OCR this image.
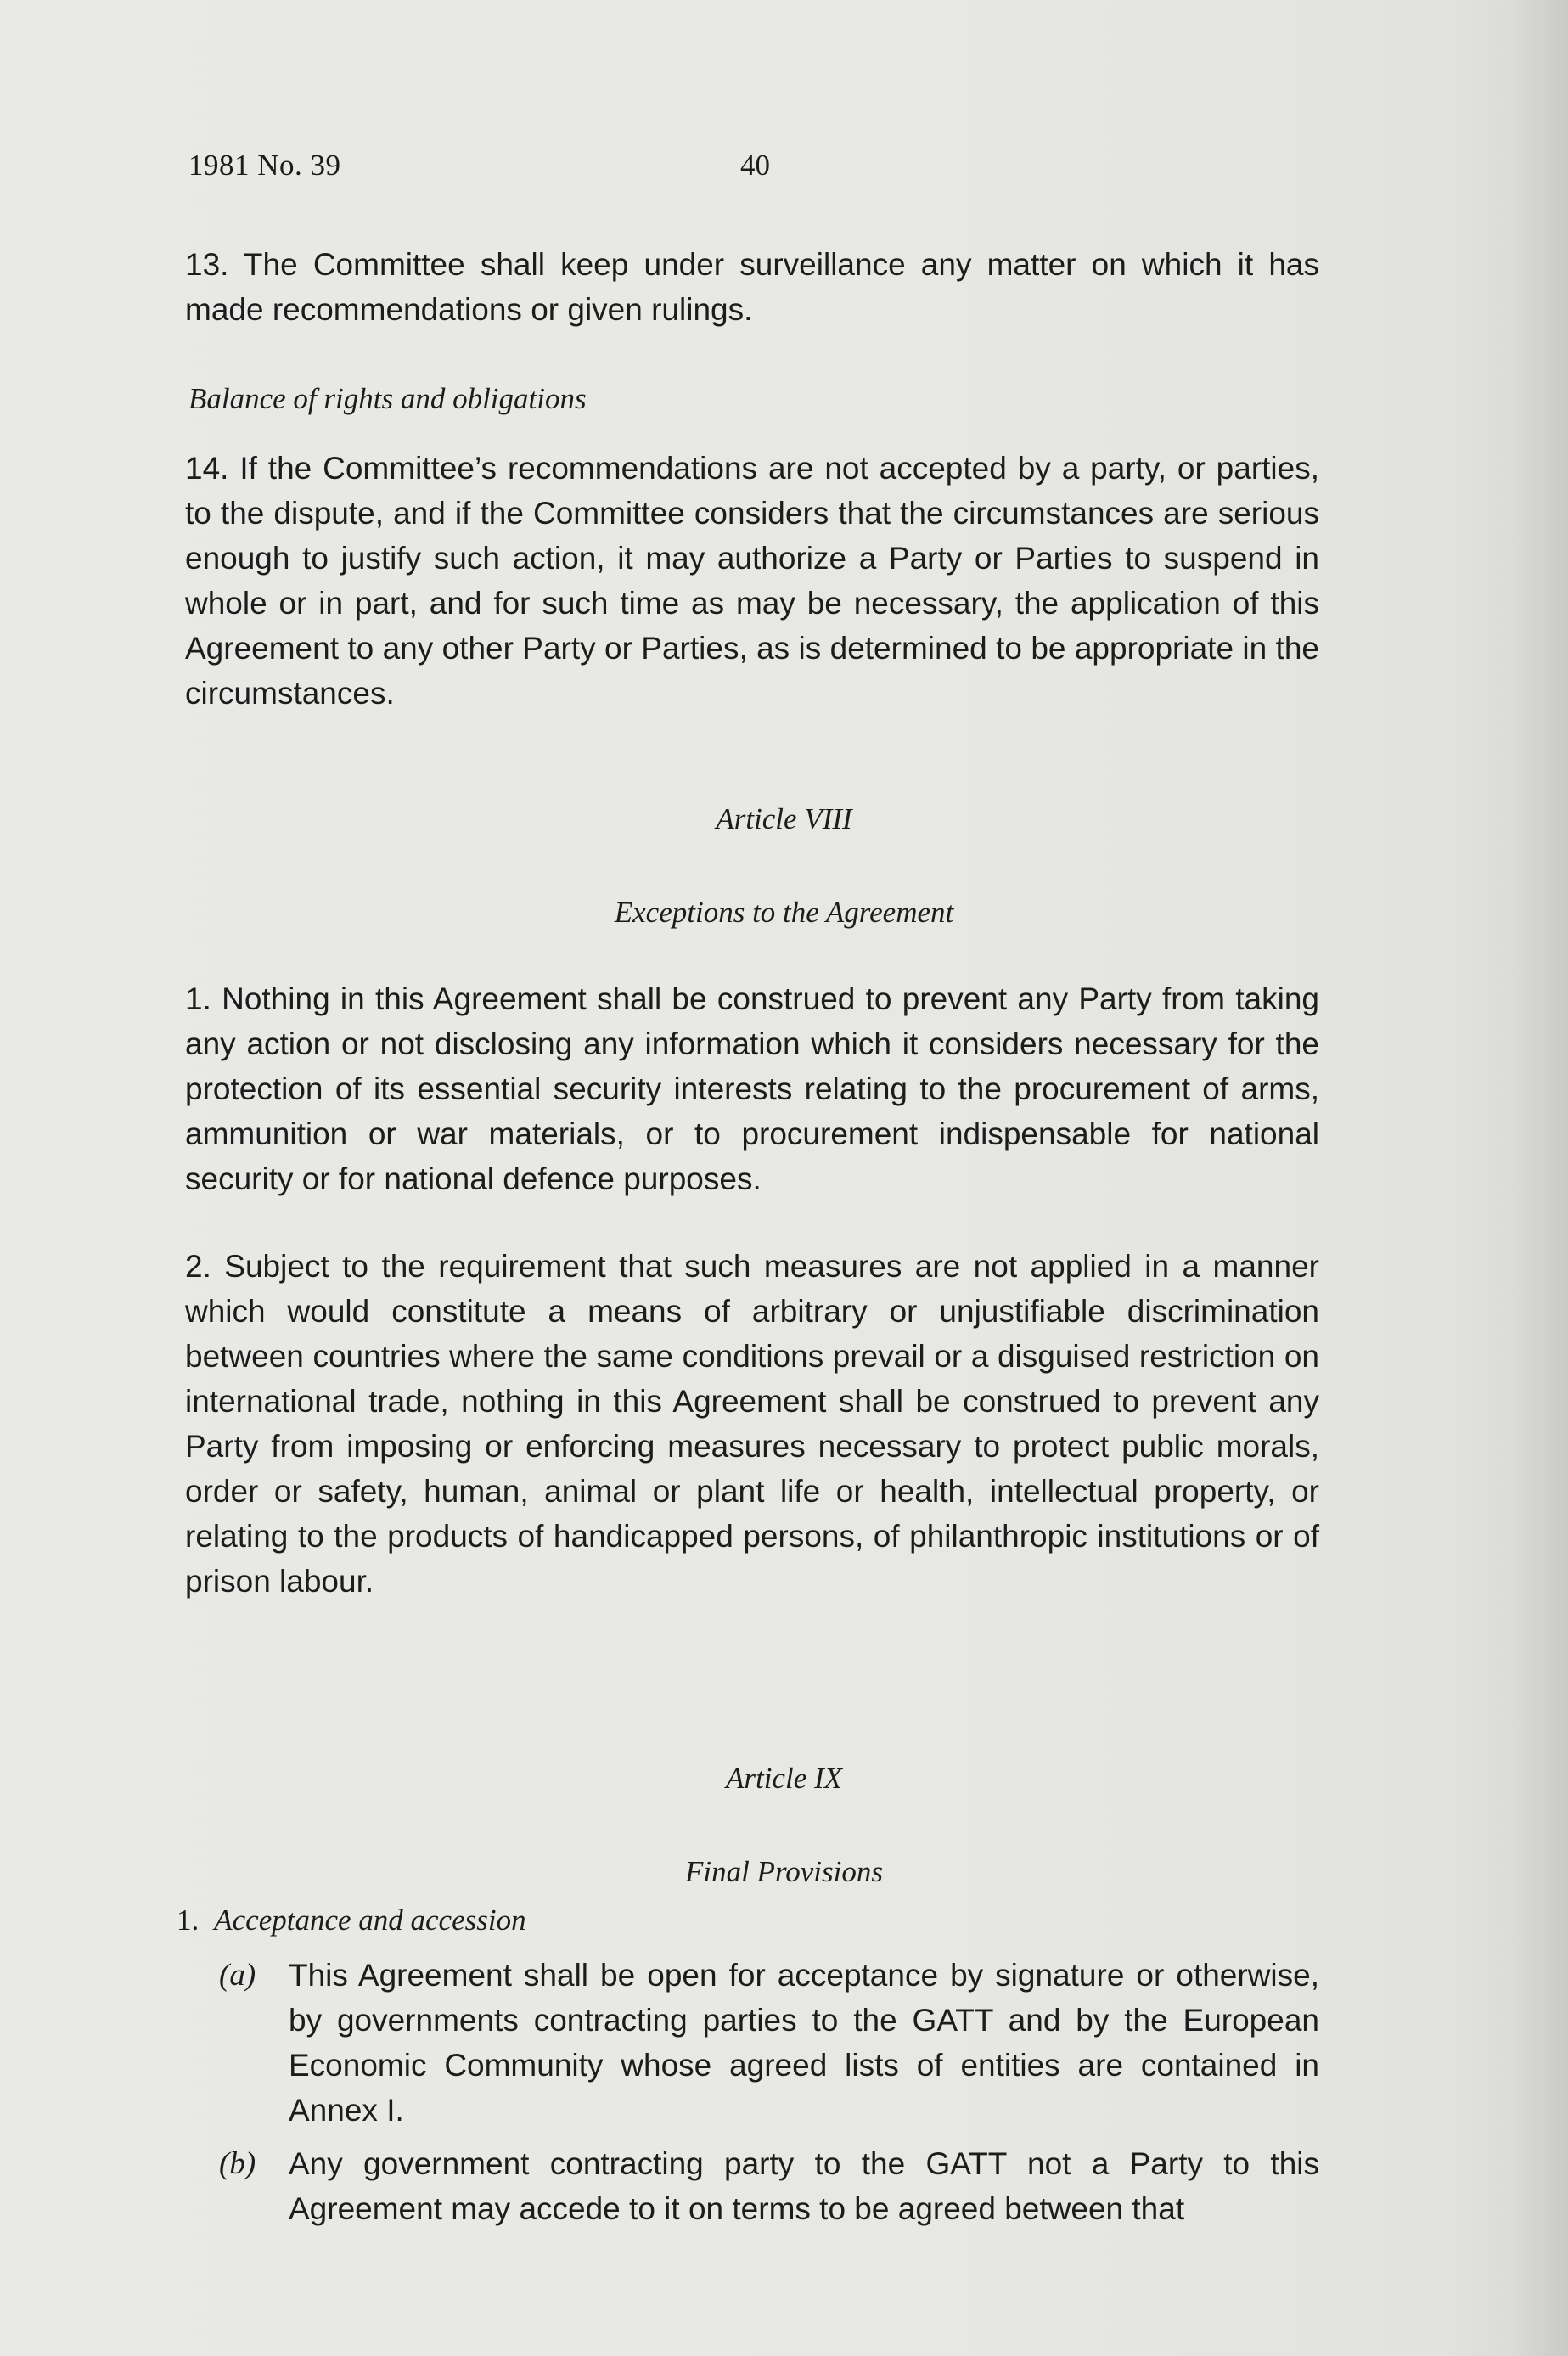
1981 No. 39	40

13. The Committee shall keep under surveillance any matter on which it has made recommendations or given rulings.

Balance of rights and obligations

14. If the Committee’s recommendations are not accepted by a party, or parties, to the dispute, and if the Committee considers that the circumstances are serious enough to justify such action, it may authorize a Party or Parties to suspend in whole or in part, and for such time as may be necessary, the application of this Agreement to any other Party or Parties, as is determined to be appropriate in the circumstances.

Article VIII
Exceptions to the Agreement

1. Nothing in this Agreement shall be construed to prevent any Party from taking any action or not disclosing any information which it considers necessary for the protection of its essential security interests relating to the procurement of arms, ammunition or war materials, or to procurement indispensable for national security or for national defence purposes.

2. Subject to the requirement that such measures are not applied in a manner which would constitute a means of arbitrary or unjustifiable discrimination between countries where the same conditions prevail or a disguised restriction on international trade, nothing in this Agreement shall be construed to prevent any Party from imposing or enforcing measures necessary to protect public morals, order or safety, human, animal or plant life or health, intellectual property, or relating to the products of handicapped persons, of philanthropic institutions or of prison labour.

Article IX
Final Provisions
1. Acceptance and accession
(a) This Agreement shall be open for acceptance by signature or otherwise, by governments contracting parties to the GATT and by the European Economic Community whose agreed lists of entities are contained in Annex I.
(b) Any government contracting party to the GATT not a Party to this Agreement may accede to it on terms to be agreed between that
